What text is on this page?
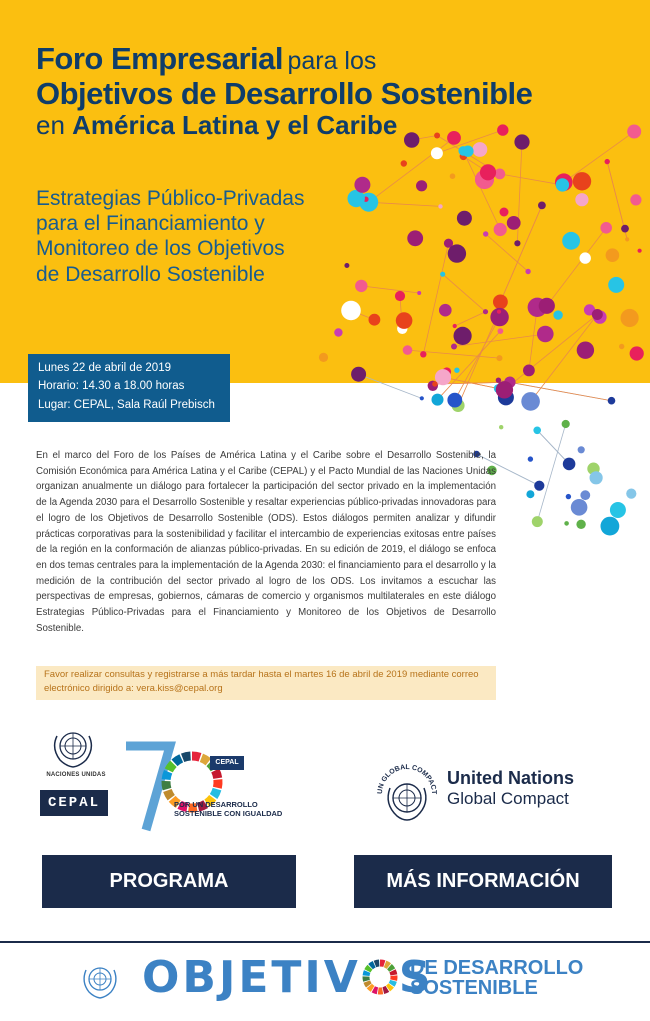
Foro Empresarial para los
Objetivos de Desarrollo Sostenible
en América Latina y el Caribe
Estrategias Público-Privadas
para el Financiamiento y
Monitoreo de los Objetivos
de Desarrollo Sostenible
Lunes 22 de abril de 2019
Horario: 14.30 a 18.00 horas
Lugar: CEPAL, Sala Raúl Prebisch

En el marco del Foro de los Países de América Latina y el Caribe sobre el Desarrollo Sostenible, la Comisión Económica para América Latina y el Caribe (CEPAL) y el Pacto Mundial de las Naciones Unidas organizan anualmente un diálogo para fortalecer la participación del sector privado en la implementación de la Agenda 2030 para el Desarrollo Sostenible y resaltar experiencias público-privadas innovadoras para el logro de los Objetivos de Desarrollo Sostenible (ODS). Estos diálogos permiten analizar y difundir prácticas corporativas para la sostenibilidad y facilitar el intercambio de experiencias exitosas entre países de la región en la conformación de alianzas público-privadas. En su edición de 2019, el diálogo se enfoca en dos temas centrales para la implementación de la Agenda 2030: el financiamiento para el desarrollo y la medición de la contribución del sector privado al logro de los ODS. Los invitamos a escuchar las perspectivas de empresas, gobiernos, cámaras de comercio y organismos multilaterales en este diálogo Estrategias Público-Privadas para el Financiamiento y Monitoreo de los Objetivos de Desarrollo Sostenible.

Favor realizar consultas y registrarse a más tardar hasta el martes 16 de abril de 2019 mediante correo electrónico dirigido a: vera.kiss@cepal.org
NACIONES UNIDAS
CEPAL
CEPAL
POR UN DESARROLLO
SOSTENIBLE CON IGUALDAD
UN GLOBAL COMPACT
United Nations
Global Compact
PROGRAMA	MÁS INFORMACIÓN
OBJETIV S
DE DESARROLLO
SOSTENIBLE
